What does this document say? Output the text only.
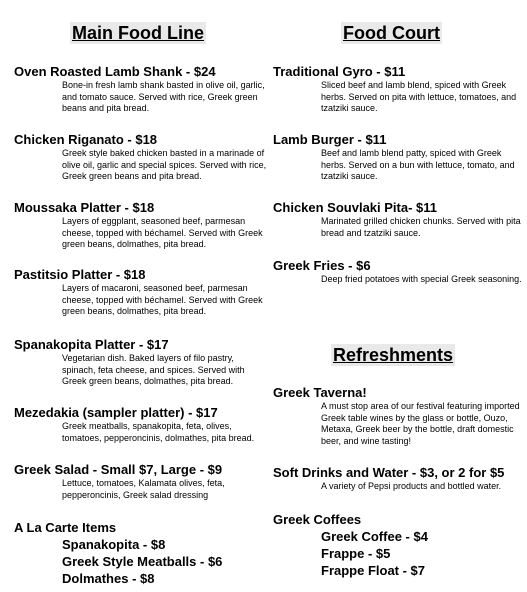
Main Food Line
Oven Roasted Lamb Shank - $24
Bone-in fresh lamb shank basted in olive oil, garlic, and tomato sauce. Served with rice, Greek green beans and pita bread.
Chicken Riganato - $18
Greek style baked chicken basted in a marinade of olive oil, garlic and special spices. Served with rice, Greek green beans and pita bread.
Moussaka Platter - $18
Layers of eggplant, seasoned beef, parmesan cheese, topped with béchamel. Served with Greek green beans, dolmathes, pita bread.
Pastitsio Platter - $18
Layers of macaroni, seasoned beef, parmesan cheese, topped with béchamel. Served with Greek green beans, dolmathes, pita bread.
Spanakopita Platter - $17
Vegetarian dish. Baked layers of filo pastry, spinach, feta cheese, and spices. Served with Greek green beans, dolmathes, pita bread.
Mezedakia (sampler platter) - $17
Greek meatballs, spanakopita, feta, olives, tomatoes, pepperoncinis, dolmathes, pita bread.
Greek Salad - Small $7, Large - $9
Lettuce, tomatoes, Kalamata olives, feta, pepperoncinis, Greek salad dressing
A La Carte Items
Spanakopita - $8
Greek Style Meatballs - $6
Dolmathes - $8
Food Court
Traditional Gyro - $11
Sliced beef and lamb blend, spiced with Greek herbs. Served on pita with lettuce, tomatoes, and tzatziki sauce.
Lamb Burger - $11
Beef and lamb blend patty, spiced with Greek herbs. Served on a bun with lettuce, tomato, and tzatziki sauce.
Chicken Souvlaki Pita- $11
Marinated grilled chicken chunks. Served with pita bread and tzatziki sauce.
Greek Fries - $6
Deep fried potatoes with special Greek seasoning.
Refreshments
Greek Taverna!
A must stop area of our festival featuring imported Greek table wines by the glass or bottle, Ouzo, Metaxa, Greek beer by the bottle, draft domestic beer, and wine tasting!
Soft Drinks and Water - $3, or 2 for $5
A variety of Pepsi products and bottled water.
Greek Coffees
Greek Coffee - $4
Frappe - $5
Frappe Float - $7
